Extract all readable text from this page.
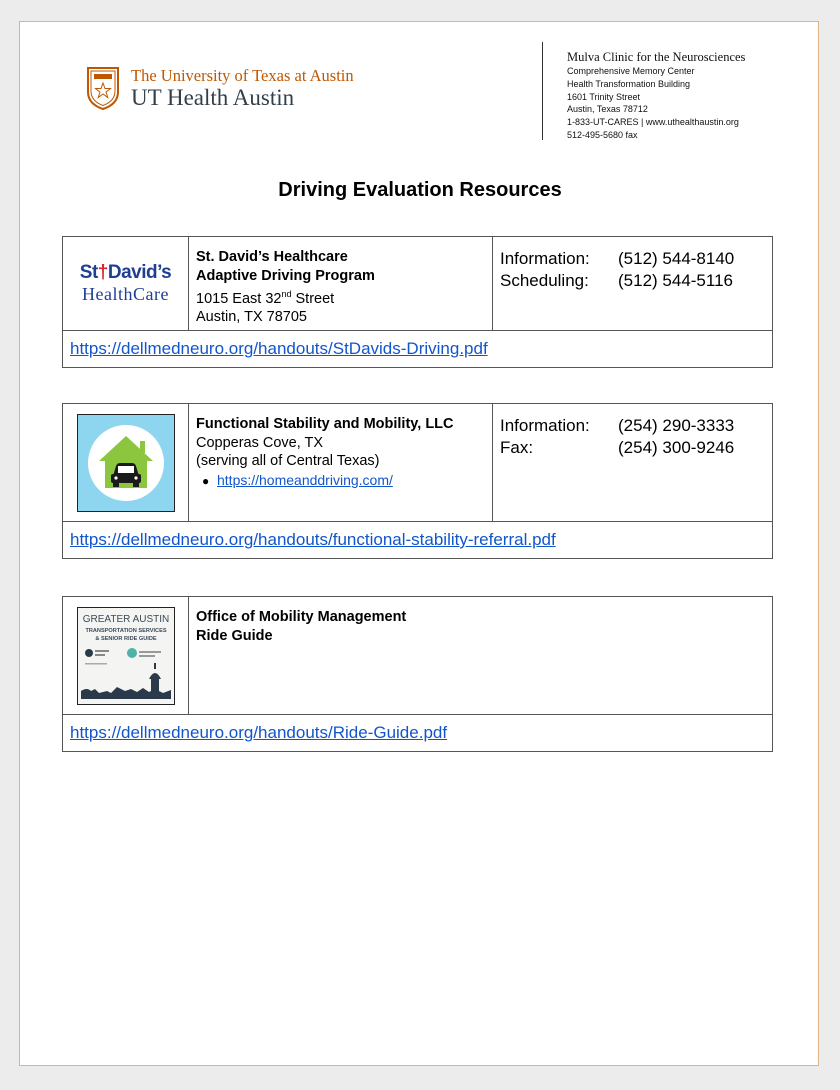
The University of Texas at Austin
UT Health Austin
Mulva Clinic for the Neurosciences
Comprehensive Memory Center
Health Transformation Building
1601 Trinity Street
Austin, Texas 78712
1-833-UT-CARES | www.uthealthaustin.org
512-495-5680 fax
Driving Evaluation Resources
St†David’s
HealthCare
St. David’s Healthcare
Adaptive Driving Program
1015 East 32nd Street
Austin, TX 78705
Information:	(512) 544-8140
Scheduling:	(512) 544-5116
https://dellmedneuro.org/handouts/StDavids-Driving.pdf
Functional Stability and Mobility, LLC
Copperas Cove, TX
(serving all of Central Texas)
● https://homeanddriving.com/
Information:	(254) 290-3333
Fax:	(254) 300-9246
https://dellmedneuro.org/handouts/functional-stability-referral.pdf
GREATER AUSTIN
TRANSPORTATION SERVICES
& SENIOR RIDE GUIDE
Office of Mobility Management
Ride Guide
https://dellmedneuro.org/handouts/Ride-Guide.pdf
